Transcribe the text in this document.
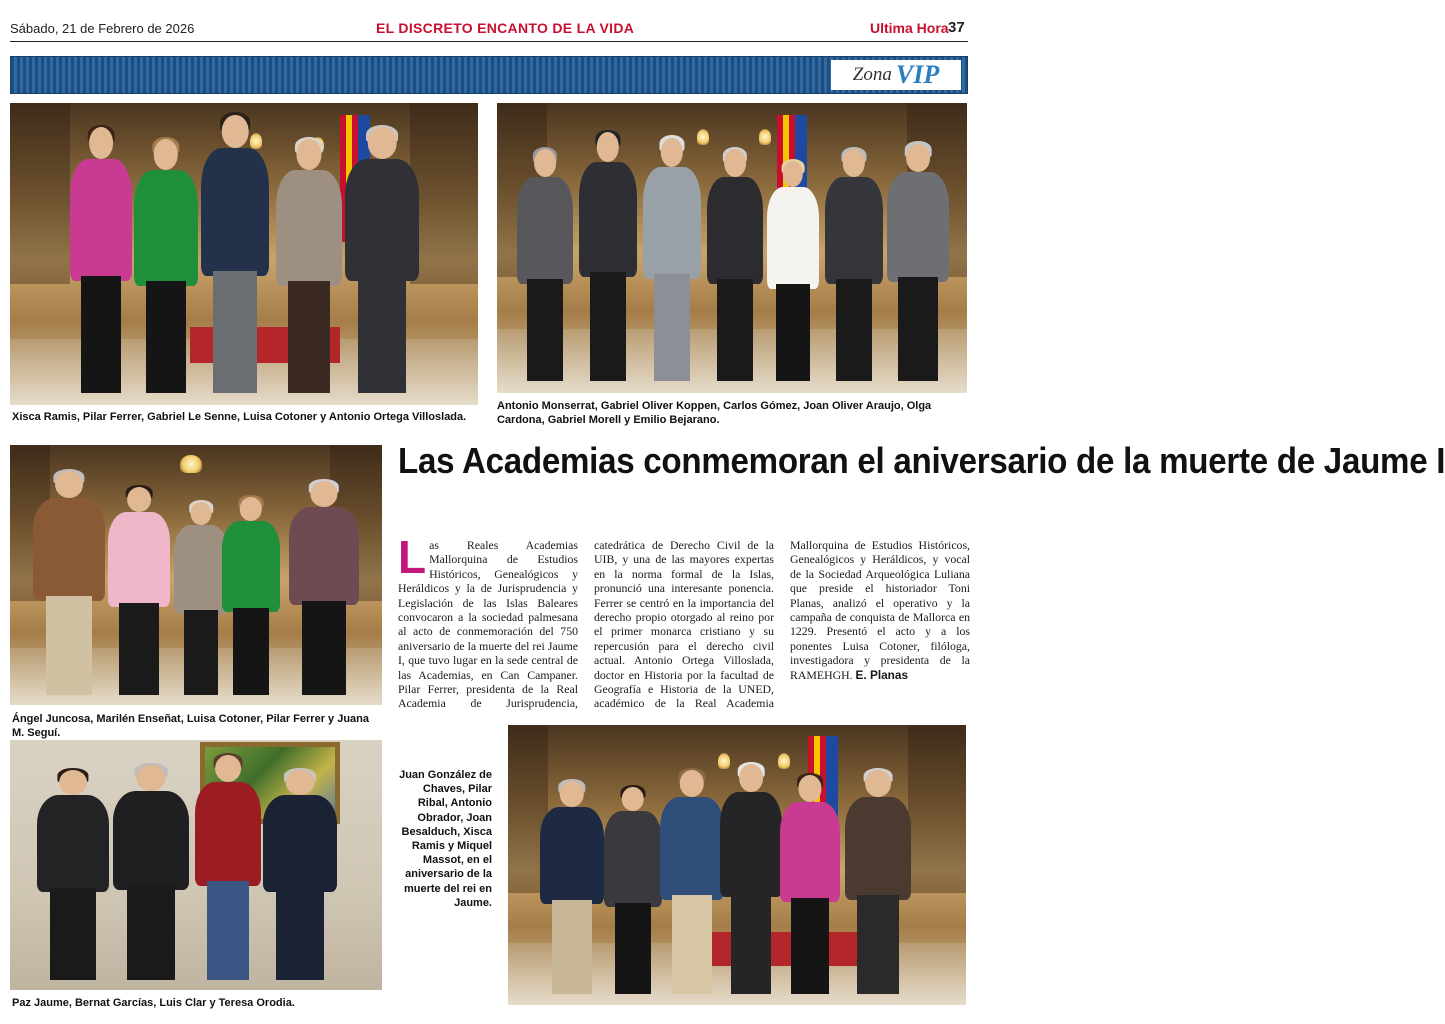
Sábado, 21 de Febrero de 2026	EL DISCRETO ENCANTO DE LA VIDA	Ultima Hora 37
Zona VIP
Xisca Ramis, Pilar Ferrer, Gabriel Le Senne, Luisa Cotoner y Antonio Ortega Villoslada.
Antonio Monserrat, Gabriel Oliver Koppen, Carlos Gómez, Joan Oliver Araujo, Olga Cardona, Gabriel Morell y Emilio Bejarano.
Ángel Juncosa, Marilén Enseñat, Luisa Cotoner, Pilar Ferrer y Juana M. Seguí.
Las Academias conmemoran el aniversario de la muerte de Jaume I
Las Reales Academias Mallorquina de Estudios Históricos, Genealógicos y Heráldicos y la de Jurisprudencia y Legislación de las Islas Baleares convocaron a la sociedad palmesana al acto de conmemoración del 750 aniversario de la muerte del rei Jaume I, que tuvo lugar en la sede central de las Academias, en Can Campaner. Pilar Ferrer, presidenta de la Real Academia de Jurisprudencia, catedrática de Derecho Civil de la UIB, y una de las mayores expertas en la norma formal de la Islas, pronunció una interesante ponencia. Ferrer se centró en la importancia del derecho propio otorgado al reino por el primer monarca cristiano y su repercusión para el derecho civil actual. Antonio Ortega Villoslada, doctor en Historia por la facultad de Geografía e Historia de la UNED, académico de la Real Academia Mallorquina de Estudios Históricos, Genealógicos y Heráldicos, y vocal de la Sociedad Arqueológica Luliana que preside el historiador Toni Planas, analizó el operativo y la campaña de conquista de Mallorca en 1229. Presentó el acto y a los ponentes Luisa Cotoner, filóloga, investigadora y presidenta de la RAMEHGH. E. Planas
Paz Jaume, Bernat Garcías, Luis Clar y Teresa Orodia.
Juan González de Chaves, Pilar Ribal, Antonio Obrador, Joan Besalduch, Xisca Ramis y Miquel Massot, en el aniversario de la muerte del rei en Jaume.
